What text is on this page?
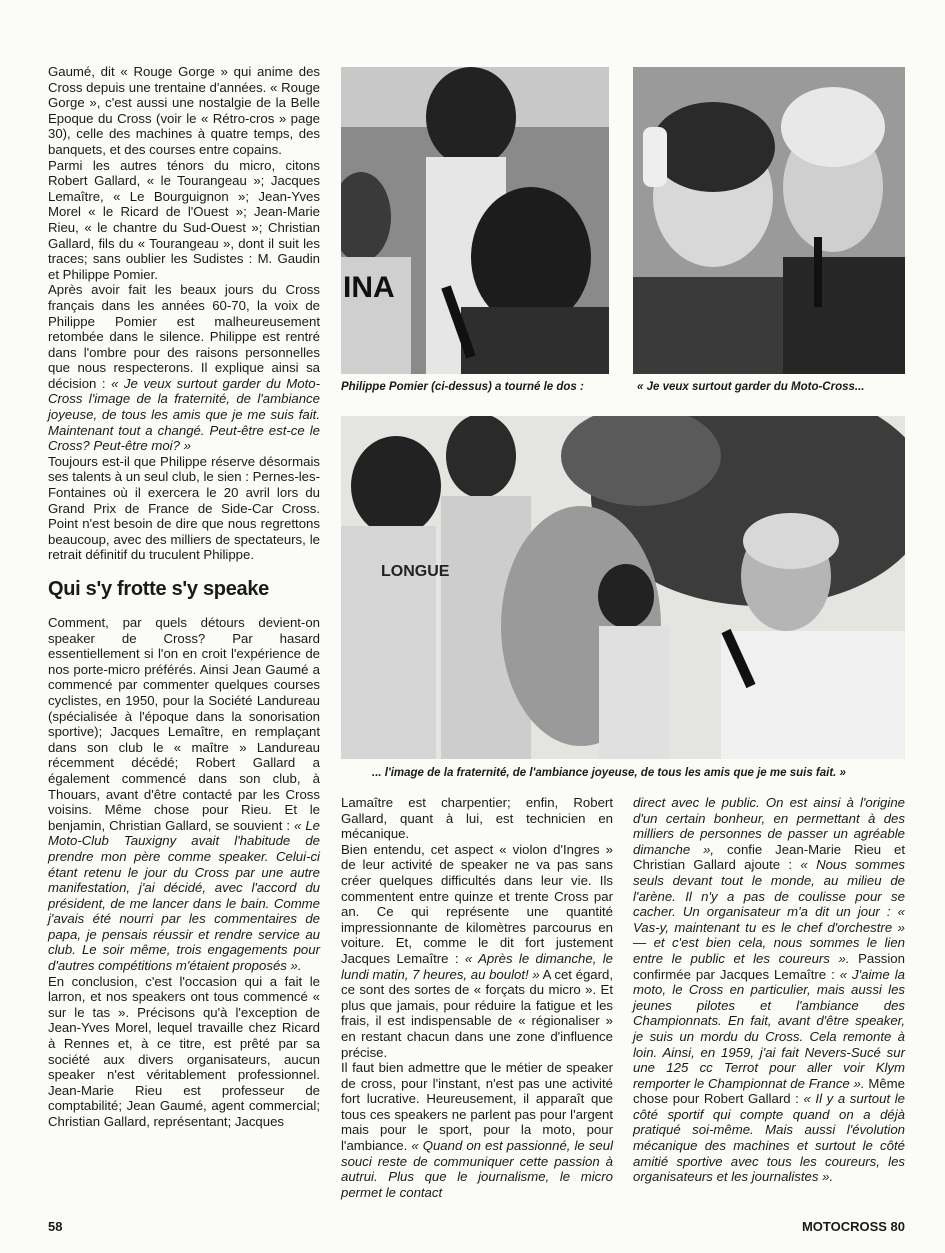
Gaumé, dit « Rouge Gorge » qui anime des Cross depuis une trentaine d'années. « Rouge Gorge », c'est aussi une nostalgie de la Belle Epoque du Cross (voir le « Rétro-cros » page 30), celle des machines à quatre temps, des banquets, et des courses entre copains.

Parmi les autres ténors du micro, citons Robert Gallard, « le Tourangeau »; Jacques Lemaître, « Le Bourguignon »; Jean-Yves Morel « le Ricard de l'Ouest »; Jean-Marie Rieu, « le chantre du Sud-Ouest »; Christian Gallard, fils du « Tourangeau », dont il suit les traces; sans oublier les Sudistes : M. Gaudin et Philippe Pomier.

Après avoir fait les beaux jours du Cross français dans les années 60-70, la voix de Philippe Pomier est malheureusement retombée dans le silence. Philippe est rentré dans l'ombre pour des raisons personnelles que nous respecterons. Il explique ainsi sa décision : « Je veux surtout garder du Moto-Cross l'image de la fraternité, de l'ambiance joyeuse, de tous les amis que je me suis fait. Maintenant tout a changé. Peut-être est-ce le Cross? Peut-être moi? »

Toujours est-il que Philippe réserve désormais ses talents à un seul club, le sien : Pernes-les-Fontaines où il exercera le 20 avril lors du Grand Prix de France de Side-Car Cross. Point n'est besoin de dire que nous regrettons beaucoup, avec des milliers de spectateurs, le retrait définitif du truculent Philippe.

Qui s'y frotte s'y speake

Comment, par quels détours devient-on speaker de Cross? Par hasard essentiellement si l'on en croit l'expérience de nos porte-micro préférés. Ainsi Jean Gaumé a commencé par commenter quelques courses cyclistes, en 1950, pour la Société Landureau (spécialisée à l'époque dans la sonorisation sportive); Jacques Lemaître, en remplaçant dans son club le « maître » Landureau récemment décédé; Robert Gallard a également commencé dans son club, à Thouars, avant d'être contacté par les Cross voisins. Même chose pour Rieu. Et le benjamin, Christian Gallard, se souvient : « Le Moto-Club Tauxigny avait l'habitude de prendre mon père comme speaker. Celui-ci étant retenu le jour du Cross par une autre manifestation, j'ai décidé, avec l'accord du président, de me lancer dans le bain. Comme j'avais été nourri par les commentaires de papa, je pensais réussir et rendre service au club. Le soir même, trois engagements pour d'autres compétitions m'étaient proposés ».

En conclusion, c'est l'occasion qui a fait le larron, et nos speakers ont tous commencé « sur le tas ». Précisons qu'à l'exception de Jean-Yves Morel, lequel travaille chez Ricard à Rennes et, à ce titre, est prêté par sa société aux divers organisateurs, aucun speaker n'est véritablement professionnel. Jean-Marie Rieu est professeur de comptabilité; Jean Gaumé, agent commercial; Christian Gallard, représentant; Jacques

INA
Philippe Pomier (ci-dessus) a tourné le dos :	« Je veux surtout garder du Moto-Cross...
LONGUE
... l'image de la fraternité, de l'ambiance joyeuse, de tous les amis que je me suis fait. »

Lamaître est charpentier; enfin, Robert Gallard, quant à lui, est technicien en mécanique.

Bien entendu, cet aspect « violon d'Ingres » de leur activité de speaker ne va pas sans créer quelques difficultés dans leur vie. Ils commentent entre quinze et trente Cross par an. Ce qui représente une quantité impressionnante de kilomètres parcourus en voiture. Et, comme le dit fort justement Jacques Lemaître : « Après le dimanche, le lundi matin, 7 heures, au boulot! » A cet égard, ce sont des sortes de « forçats du micro ». Et plus que jamais, pour réduire la fatigue et les frais, il est indispensable de « régionaliser » en restant chacun dans une zone d'influence précise.

Il faut bien admettre que le métier de speaker de cross, pour l'instant, n'est pas une activité fort lucrative. Heureusement, il apparaît que tous ces speakers ne parlent pas pour l'argent mais pour le sport, pour la moto, pour l'ambiance. « Quand on est passionné, le seul souci reste de communiquer cette passion à autrui. Plus que le journalisme, le micro permet le contact

direct avec le public. On est ainsi à l'origine d'un certain bonheur, en permettant à des milliers de personnes de passer un agréable dimanche », confie Jean-Marie Rieu et Christian Gallard ajoute : « Nous sommes seuls devant tout le monde, au milieu de l'arène. Il n'y a pas de coulisse pour se cacher. Un organisateur m'a dit un jour : « Vas-y, maintenant tu es le chef d'orchestre » — et c'est bien cela, nous sommes le lien entre le public et les coureurs ». Passion confirmée par Jacques Lemaître : « J'aime la moto, le Cross en particulier, mais aussi les jeunes pilotes et l'ambiance des Championnats. En fait, avant d'être speaker, je suis un mordu du Cross. Cela remonte à loin. Ainsi, en 1959, j'ai fait Nevers-Sucé sur une 125 cc Terrot pour aller voir Klym remporter le Championnat de France ». Même chose pour Robert Gallard : « Il y a surtout le côté sportif qui compte quand on a déjà pratiqué soi-même. Mais aussi l'évolution mécanique des machines et surtout le côté amitié sportive avec tous les coureurs, les organisateurs et les journalistes ».

58	MOTOCROSS 80
